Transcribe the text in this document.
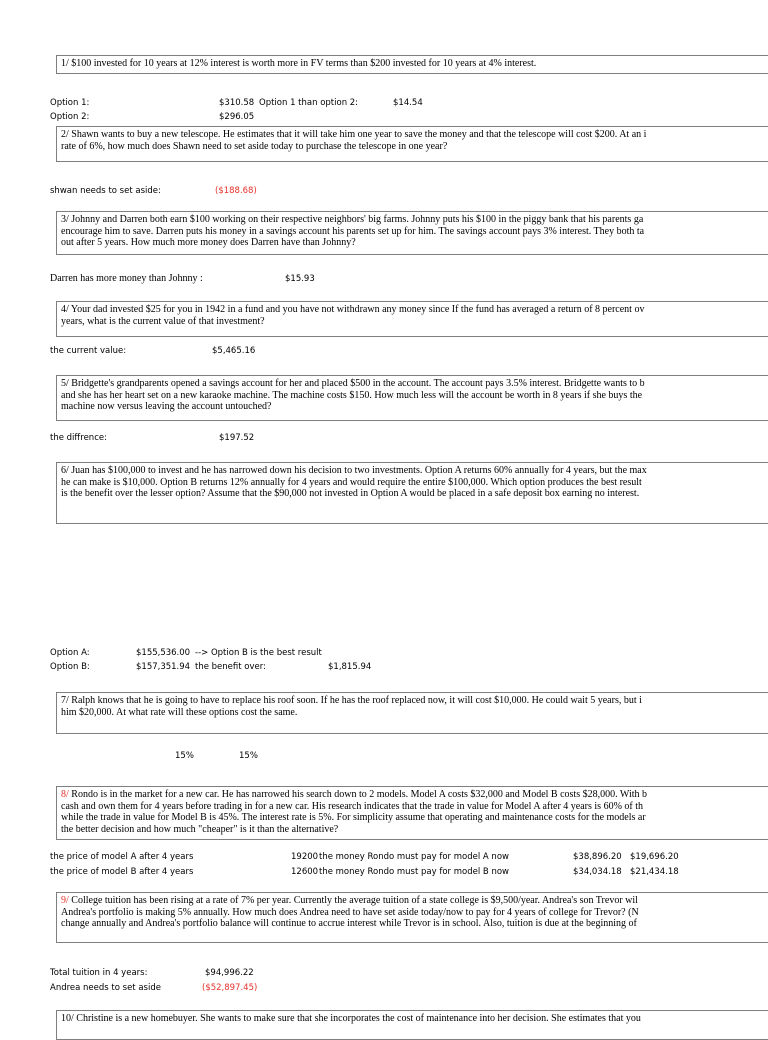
1/ $100 invested for 10 years at 12% interest is worth more in FV terms than $200 invested for 10 years at 4% interest.
Option 1:	$310.58 Option 1 than option 2:	$14.54
Option 2:	$296.05
2/ Shawn wants to buy a new telescope. He estimates that it will take him one year to save the money and that the telescope will cost $200. At an i
rate of 6%, how much does Shawn need to set aside today to purchase the telescope in one year?
shwan needs to set aside:	($188.68)
3/ Johnny and Darren both earn $100 working on their respective neighbors' big farms. Johnny puts his $100 in the piggy bank that his parents ga
encourage him to save. Darren puts his money in a savings account his parents set up for him. The savings account pays 3% interest. They both ta
out after 5 years. How much more money does Darren have than Johnny?
Darren has more money than Johnny :	$15.93
4/ Your dad invested $25 for you in 1942 in a fund and you have not withdrawn any money since If the fund has averaged a return of 8 percent ov
years, what is the current value of that investment?
the current value:	$5,465.16
5/ Bridgette's grandparents opened a savings account for her and placed $500 in the account. The account pays 3.5% interest. Bridgette wants to b
and she has her heart set on a new karaoke machine. The machine costs $150. How much less will the account be worth in 8 years if she buys the
machine now versus leaving the account untouched?
the diffrence:	$197.52
6/ Juan has $100,000 to invest and he has narrowed down his decision to two investments. Option A returns 60% annually for 4 years, but the max
he can make is $10,000. Option B returns 12% annually for 4 years and would require the entire $100,000. Which option produces the best result
is the benefit over the lesser option? Assume that the $90,000 not invested in Option A would be placed in a safe deposit box earning no interest.
Option A:	$155,536.00 --> Option B is the best result
Option B:	$157,351.94 the benefit over:	$1,815.94
7/ Ralph knows that he is going to have to replace his roof soon. If he has the roof replaced now, it will cost $10,000. He could wait 5 years, but i
him $20,000. At what rate will these options cost the same.
15%	15%
8/ Rondo is in the market for a new car. He has narrowed his search down to 2 models. Model A costs $32,000 and Model B costs $28,000. With b
cash and own them for 4 years before trading in for a new car. His research indicates that the trade in value for Model A after 4 years is 60% of th
while the trade in value for Model B is 45%. The interest rate is 5%. For simplicity assume that operating and maintenance costs for the models ar
the better decision and how much "cheaper" is it than the alternative?
the price of model A after 4 years	19200 the money Rondo must pay for model A now	$38,896.20 $19,696.20
the price of model B after 4 years	12600 the money Rondo must pay for model B now	$34,034.18 $21,434.18
9/ College tuition has been rising at a rate of 7% per year. Currently the average tuition of a state college is $9,500/year. Andrea's son Trevor wil
Andrea's portfolio is making 5% annually. How much does Andrea need to have set aside today/now to pay for 4 years of college for Trevor? (N
change annually and Andrea's portfolio balance will continue to accrue interest while Trevor is in school. Also, tuition is due at the beginning of
Total tuition in 4 years:	$94,996.22
Andrea needs to set aside	($52,897.45)
10/ Christine is a new homebuyer. She wants to make sure that she incorporates the cost of maintenance into her decision. She estimates that you
